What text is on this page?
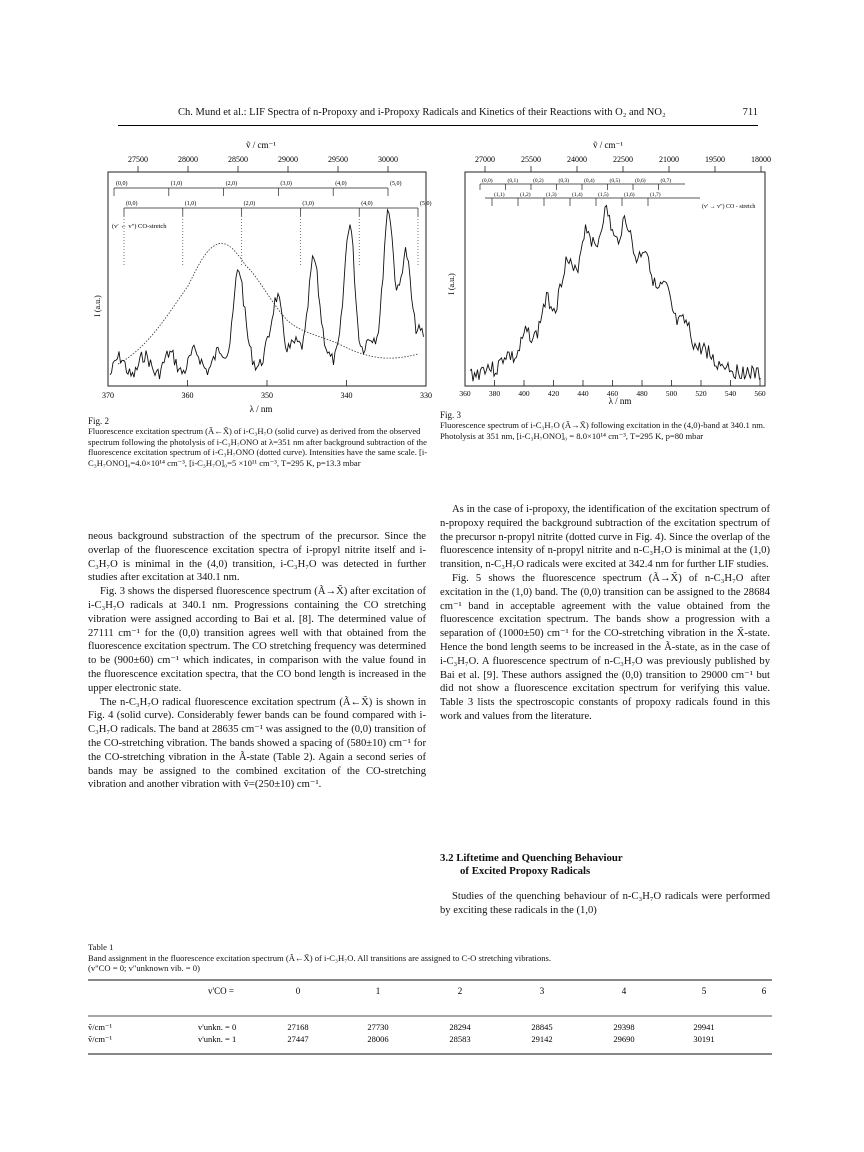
Ch. Mund et al.: LIF Spectra of n-Propoxy and i-Propoxy Radicals and Kinetics of their Reactions with O₂ and NO₂	711
ṽ / cm⁻¹
27500	28000	28500	29000	29500	30000
(0,0)	(1,0)	(2,0)	(3,0)	(4,0)	(5,0)
(0,0)	(1,0)	(2,0)	(3,0)	(4,0)	(5,0)
(v' ← v") CO-stretch
I (a.u.)
370	360	350	340	330
λ / nm
Fig. 2
Fluorescence excitation spectrum (Ã←X̃) of i-C₃H₇O (solid curve) as derived from the observed spectrum following the photolysis of i-C₃H₇ONO at λ=351 nm after background subtraction of the fluorescence excitation spectrum of i-C₃H₇ONO (dotted curve). Intensities have the same scale. [i-C₃H₇ONO]₀=4.0×10¹⁴ cm⁻³, [i-C₃H₇O]₀=5 ×10¹¹ cm⁻³, T=295 K, p=13.3 mbar
ṽ / cm⁻¹
27000	25500	24000	22500	21000	19500	18000
(0,0)	(0,1)	(0,2)	(0,3)	(0,4)	(0,5)	(0,6)	(0,7)
(1,1)	(1,2)	(1,3)	(1,4)	(1,5)	(1,6)	(1,7)
(v' → v") CO - stretch
I (a.u.)
360 380 400 420 440 460 480 500 520 540 560
λ / nm
Fig. 3
Fluorescence spectrum of i-C₃H₇O (Ã→X̃) following excitation in the (4,0)-band at 340.1 nm. Photolysis at 351 nm, [i-C₃H₇ONO]₀ = 8.0×10¹⁴ cm⁻³, T=295 K, p=80 mbar

neous background substraction of the spectrum of the precursor. Since the overlap of the fluorescence excitation spectra of i-propyl nitrite itself and i-C₃H₇O is minimal in the (4,0) transition, i-C₃H₇O was detected in further studies after excitation at 340.1 nm.

Fig. 3 shows the dispersed fluorescence spectrum (Ã→X̃) after excitation of i-C₃H₇O radicals at 340.1 nm. Progressions containing the CO stretching vibration were assigned according to Bai et al. [8]. The determined value of 27111 cm⁻¹ for the (0,0) transition agrees well with that obtained from the fluorescence excitation spectrum. The CO stretching frequency was determined to be (900±60) cm⁻¹ which indicates, in comparison with the value found in the fluorescence excitation spectra, that the CO bond length is increased in the upper electronic state.

The n-C₃H₇O radical fluorescence excitation spectrum (Ã←X̃) is shown in Fig. 4 (solid curve). Considerably fewer bands can be found compared with i-C₃H₇O radicals. The band at 28635 cm⁻¹ was assigned to the (0,0) transition of the CO-stretching vibration. The bands showed a spacing of (580±10) cm⁻¹ for the CO-stretching vibration in the Ã-state (Table 2). Again a second series of bands may be assigned to the combined excitation of the CO-stretching vibration and another vibration with ṽ=(250±10) cm⁻¹.

As in the case of i-propoxy, the identification of the excitation spectrum of n-propoxy required the background subtraction of the excitation spectrum of the precursor n-propyl nitrite (dotted curve in Fig. 4). Since the overlap of the fluorescence intensity of n-propyl nitrite and n-C₃H₇O is minimal at the (1,0) transition, n-C₃H₇O radicals were excited at 342.4 nm for further LIF studies.

Fig. 5 shows the fluorescence spectrum (Ã→X̃) of n-C₃H₇O after excitation in the (1,0) band. The (0,0) transition can be assigned to the 28684 cm⁻¹ band in acceptable agreement with the value obtained from the fluorescence excitation spectrum. The bands show a progression with a separation of (1000±50) cm⁻¹ for the CO-stretching vibration in the X̃-state. Hence the bond length seems to be increased in the Ã-state, as in the case of i-C₃H₇O. A fluorescence spectrum of n-C₃H₇O was previously published by Bai et al. [9]. These authors assigned the (0,0) transition to 29000 cm⁻¹ but did not show a fluorescence excitation spectrum for verifying this value. Table 3 lists the spectroscopic constants of propoxy radicals found in this work and values from the literature.

3.2 Liftetime and Quenching Behaviour
of Excited Propoxy Radicals

Studies of the quenching behaviour of n-C₃H₇O radicals were performed by exciting these radicals in the (1,0)

Table 1
Band assignment in the fluorescence excitation spectrum (Ã←X̃) of i-C₃H₇O. All transitions are assigned to C-O stretching vibrations.
(v"CO = 0; v"unknown vib. = 0)
v'CO =	0	1	2	3	4	5	6
ṽ/cm⁻¹	v'unkn. = 0	27168	27730	28294	28845	29398	29941
ṽ/cm⁻¹	v'unkn. = 1	27447	28006	28583	29142	29690	30191
